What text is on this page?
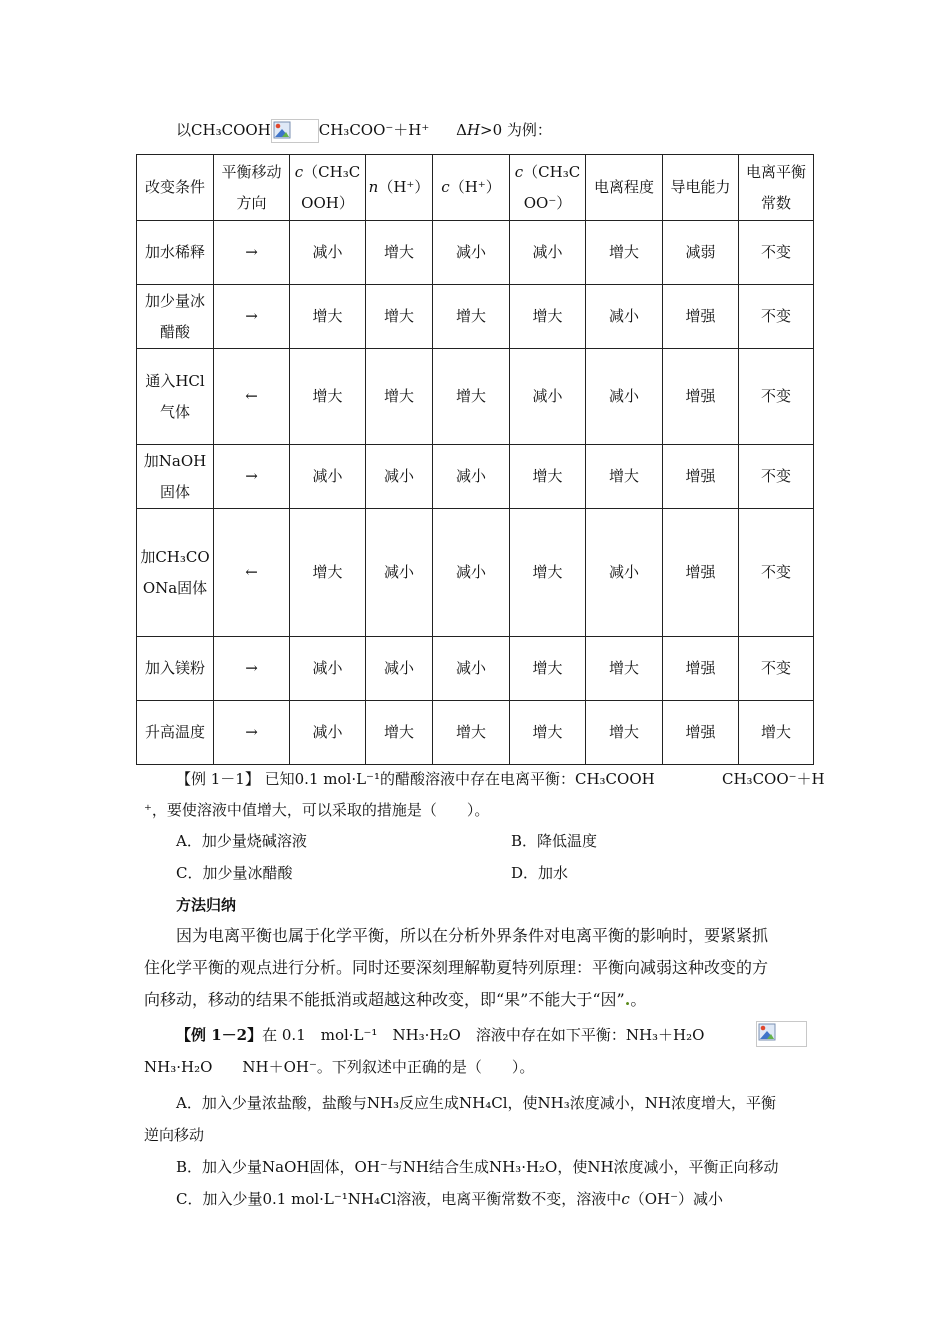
以CH₃COOH	CH₃COO⁻＋H⁺ ΔH>0 为例：
改变条件	平衡移动方向	c（CH₃COOH）	n（H⁺）	c（H⁺）	c（CH₃COO⁻）	电离程度	导电能力	电离平衡常数
加水稀释	→	减小	增大	减小	减小	增大	减弱	不变
加少量冰醋酸	→	增大	增大	增大	增大	减小	增强	不变
通入HCl气体	←	增大	增大	增大	减小	减小	增强	不变
加NaOH固体	→	减小	减小	减小	增大	增大	增强	不变
加CH₃COONa固体	←	增大	减小	减小	增大	减小	增强	不变
加入镁粉	→	减小	减小	减小	增大	增大	增强	不变
升高温度	→	减小	增大	增大	增大	增大	增强	增大
【例 1－1】 已知0.1 mol·L⁻¹的醋酸溶液中存在电离平衡：CH₃COOH	CH₃COO⁻＋H
⁺，要使溶液中值增大，可以采取的措施是（　　）。
A．加少量烧碱溶液	B．降低温度
C．加少量冰醋酸	D．加水
方法归纳
因为电离平衡也属于化学平衡，所以在分析外界条件对电离平衡的影响时，要紧紧抓
住化学平衡的观点进行分析。同时还要深刻理解勒夏特列原理：平衡向减弱这种改变的方
向移动，移动的结果不能抵消或超越这种改变，即“果”不能大于“因”.。
【例 1－2】在 0.1　mol·L⁻¹　NH₃·H₂O　溶液中存在如下平衡：NH₃＋H₂O
NH₃·H₂O　　NH＋OH⁻。下列叙述中正确的是（　　）。
A．加入少量浓盐酸，盐酸与NH₃反应生成NH₄Cl，使NH₃浓度减小，NH浓度增大，平衡
逆向移动
B．加入少量NaOH固体，OH⁻与NH结合生成NH₃·H₂O，使NH浓度减小，平衡正向移动
C．加入少量0.1 mol·L⁻¹NH₄Cl溶液，电离平衡常数不变，溶液中c（OH⁻）减小
